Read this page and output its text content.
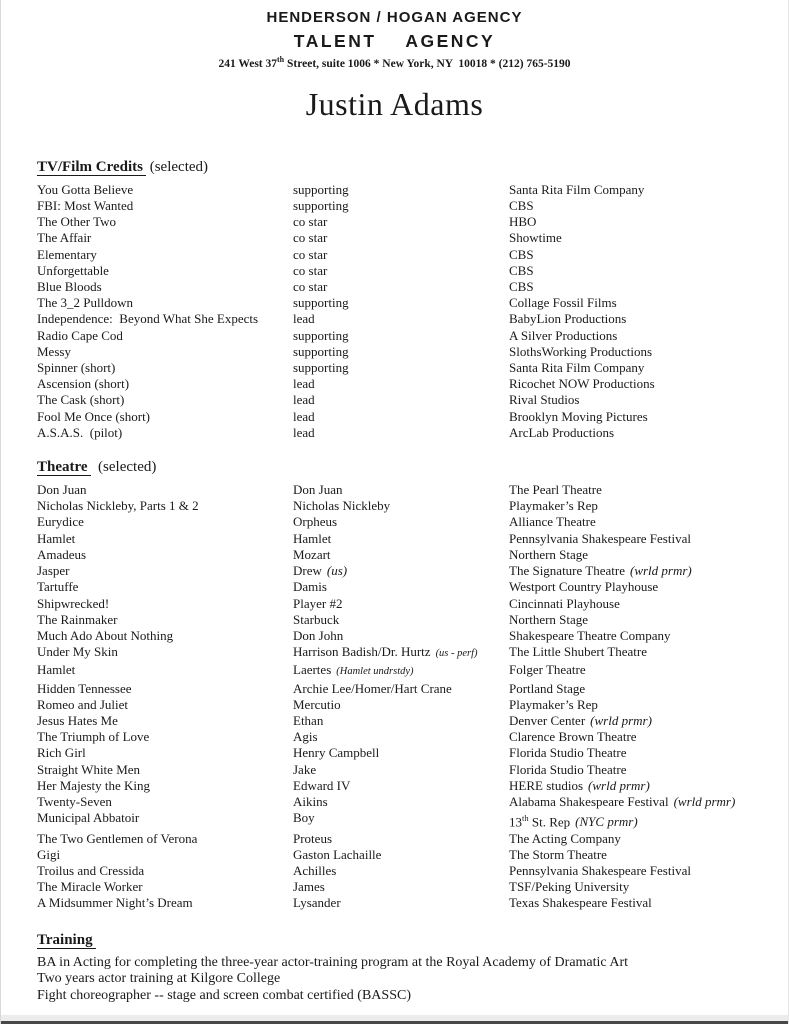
HENDERSON / HOGAN AGENCY
TALENT    AGENCY
241 West 37th Street, suite 1006 * New York, NY  10018 * (212) 765-5190
Justin Adams
TV/Film Credits (selected)
You Gotta Believe	supporting	Santa Rita Film Company
FBI: Most Wanted	supporting	CBS
The Other Two	co star	HBO
The Affair	co star	Showtime
Elementary	co star	CBS
Unforgettable	co star	CBS
Blue Bloods	co star	CBS
The 3_2 Pulldown	supporting	Collage Fossil Films
Independence:  Beyond What She Expects	lead	BabyLion Productions
Radio Cape Cod	supporting	A Silver Productions
Messy	supporting	SlothsWorking Productions
Spinner (short)	supporting	Santa Rita Film Company
Ascension (short)	lead	Ricochet NOW Productions
The Cask (short)	lead	Rival Studios
Fool Me Once (short)	lead	Brooklyn Moving Pictures
A.S.A.S.  (pilot)	lead	ArcLab Productions
Theatre  (selected)
Don Juan	Don Juan	The Pearl Theatre
Nicholas Nickleby, Parts 1 & 2	Nicholas Nickleby	Playmaker’s Rep
Eurydice	Orpheus	Alliance Theatre
Hamlet	Hamlet	Pennsylvania Shakespeare Festival
Amadeus	Mozart	Northern Stage
Jasper	Drew (us)	The Signature Theatre (wrld prmr)
Tartuffe	Damis	Westport Country Playhouse
Shipwrecked!	Player #2	Cincinnati Playhouse
The Rainmaker	Starbuck	Northern Stage
Much Ado About Nothing	Don John	Shakespeare Theatre Company
Under My Skin	Harrison Badish/Dr. Hurtz (us - perf)	The Little Shubert Theatre
Hamlet	Laertes (Hamlet undrstdy)	Folger Theatre
Hidden Tennessee	Archie Lee/Homer/Hart Crane	Portland Stage
Romeo and Juliet	Mercutio	Playmaker’s Rep
Jesus Hates Me	Ethan	Denver Center (wrld prmr)
The Triumph of Love	Agis	Clarence Brown Theatre
Rich Girl	Henry Campbell	Florida Studio Theatre
Straight White Men	Jake	Florida Studio Theatre
Her Majesty the King	Edward IV	HERE studios (wrld prmr)
Twenty-Seven	Aikins	Alabama Shakespeare Festival (wrld prmr)
Municipal Abbatoir	Boy	13th St. Rep (NYC prmr)
The Two Gentlemen of Verona	Proteus	The Acting Company
Gigi	Gaston Lachaille	The Storm Theatre
Troilus and Cressida	Achilles	Pennsylvania Shakespeare Festival
The Miracle Worker	James	TSF/Peking University
A Midsummer Night’s Dream	Lysander	Texas Shakespeare Festival
Training
BA in Acting for completing the three-year actor-training program at the Royal Academy of Dramatic Art
Two years actor training at Kilgore College
Fight choreographer -- stage and screen combat certified (BASSC)
